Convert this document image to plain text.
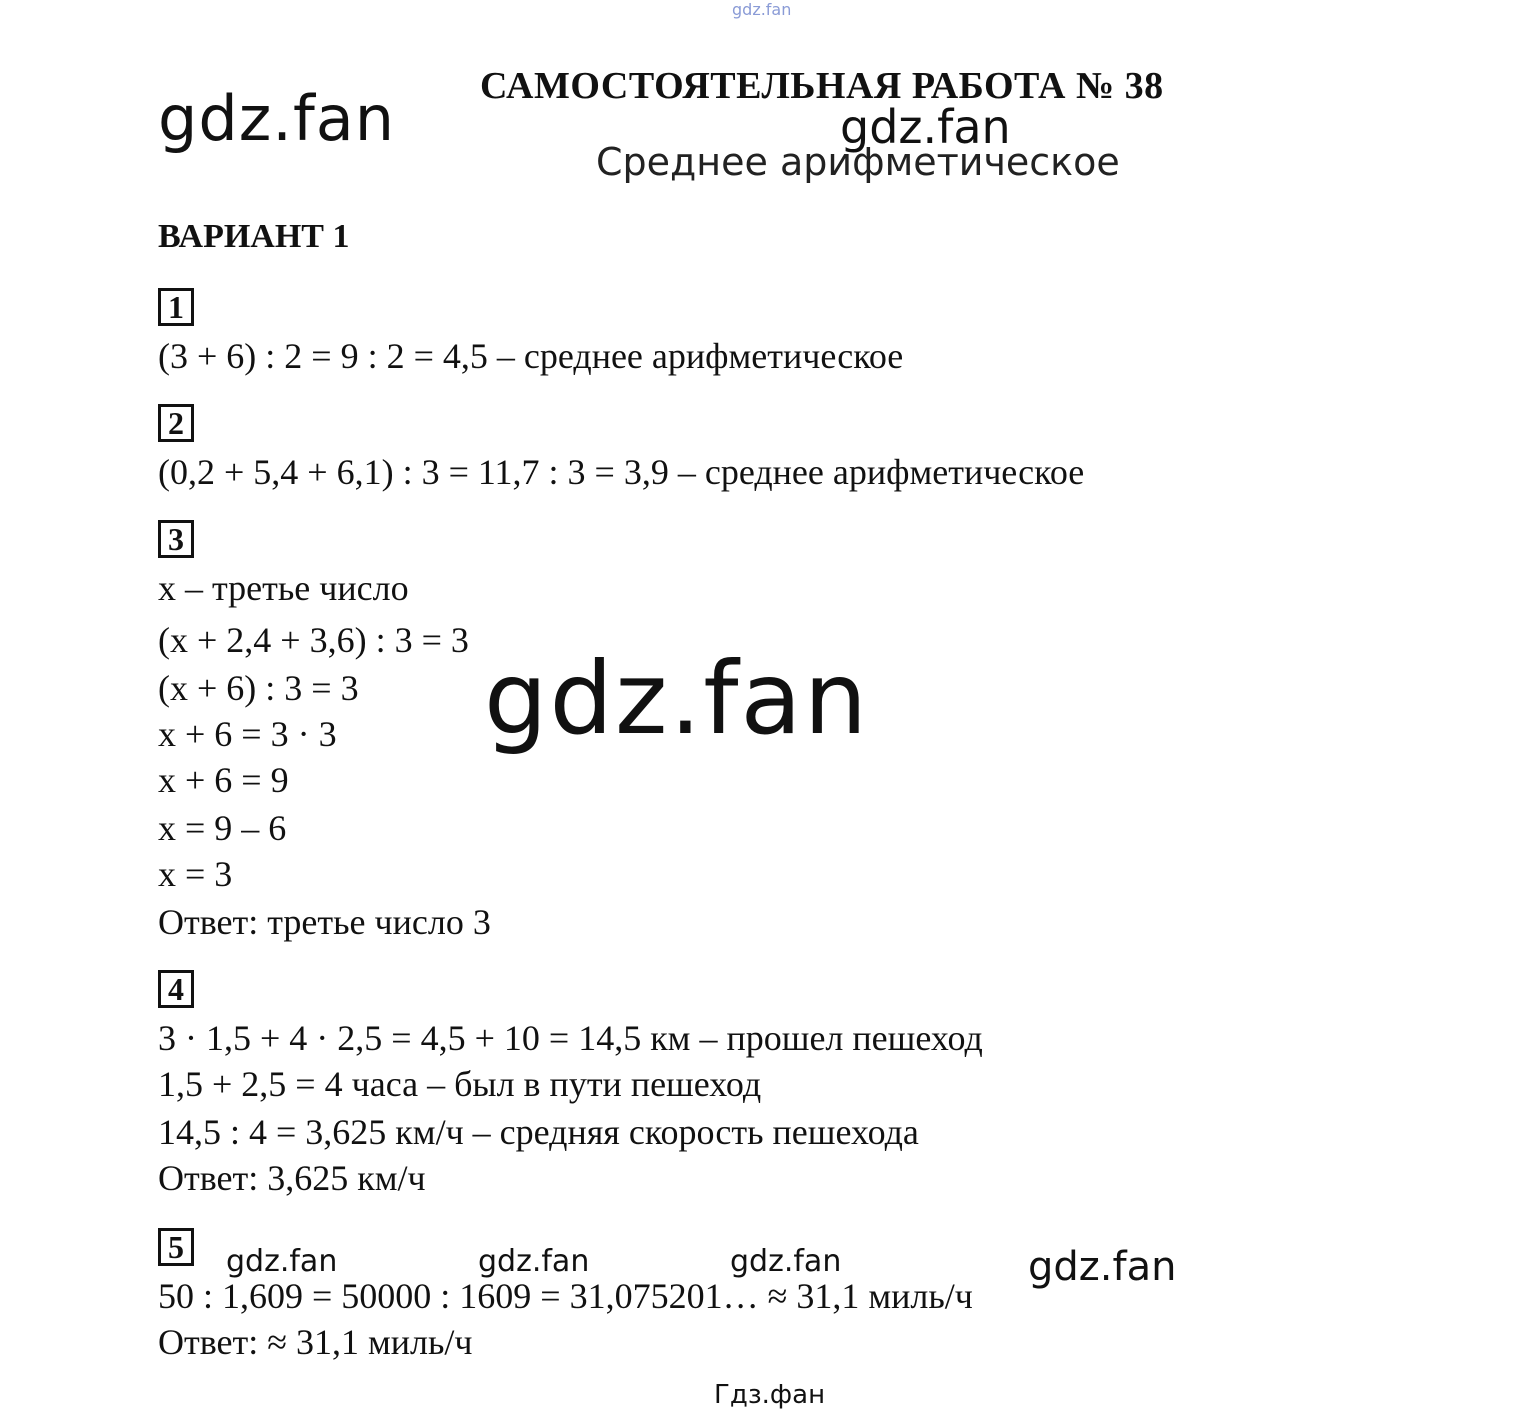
gdz.fan
gdz.fan САМОСТОЯТЕЛЬНАЯ РАБОТА № 38
gdz.fan
Среднее арифметическое
ВАРИАНТ 1
1
(3 + 6) : 2 = 9 : 2 = 4,5 – среднее арифметическое
2
(0,2 + 5,4 + 6,1) : 3 = 11,7 : 3 = 3,9 – среднее арифметическое
3
x – третье число
(x + 2,4 + 3,6) : 3 = 3
(x + 6) : 3 = 3
x + 6 = 3 · 3
x + 6 = 9
x = 9 – 6
x = 3
Ответ: третье число 3
gdz.fan
4
3 · 1,5 + 4 · 2,5 = 4,5 + 10 = 14,5 км – прошел пешеход
1,5 + 2,5 = 4 часа – был в пути пешеход
14,5 : 4 = 3,625 км/ч – средняя скорость пешехода
Ответ: 3,625 км/ч
5	gdz.fan	gdz.fan	gdz.fan	gdz.fan
50 : 1,609 = 50000 : 1609 = 31,075201… ≈ 31,1 миль/ч
Ответ: ≈ 31,1 миль/ч
Гдз.фан
